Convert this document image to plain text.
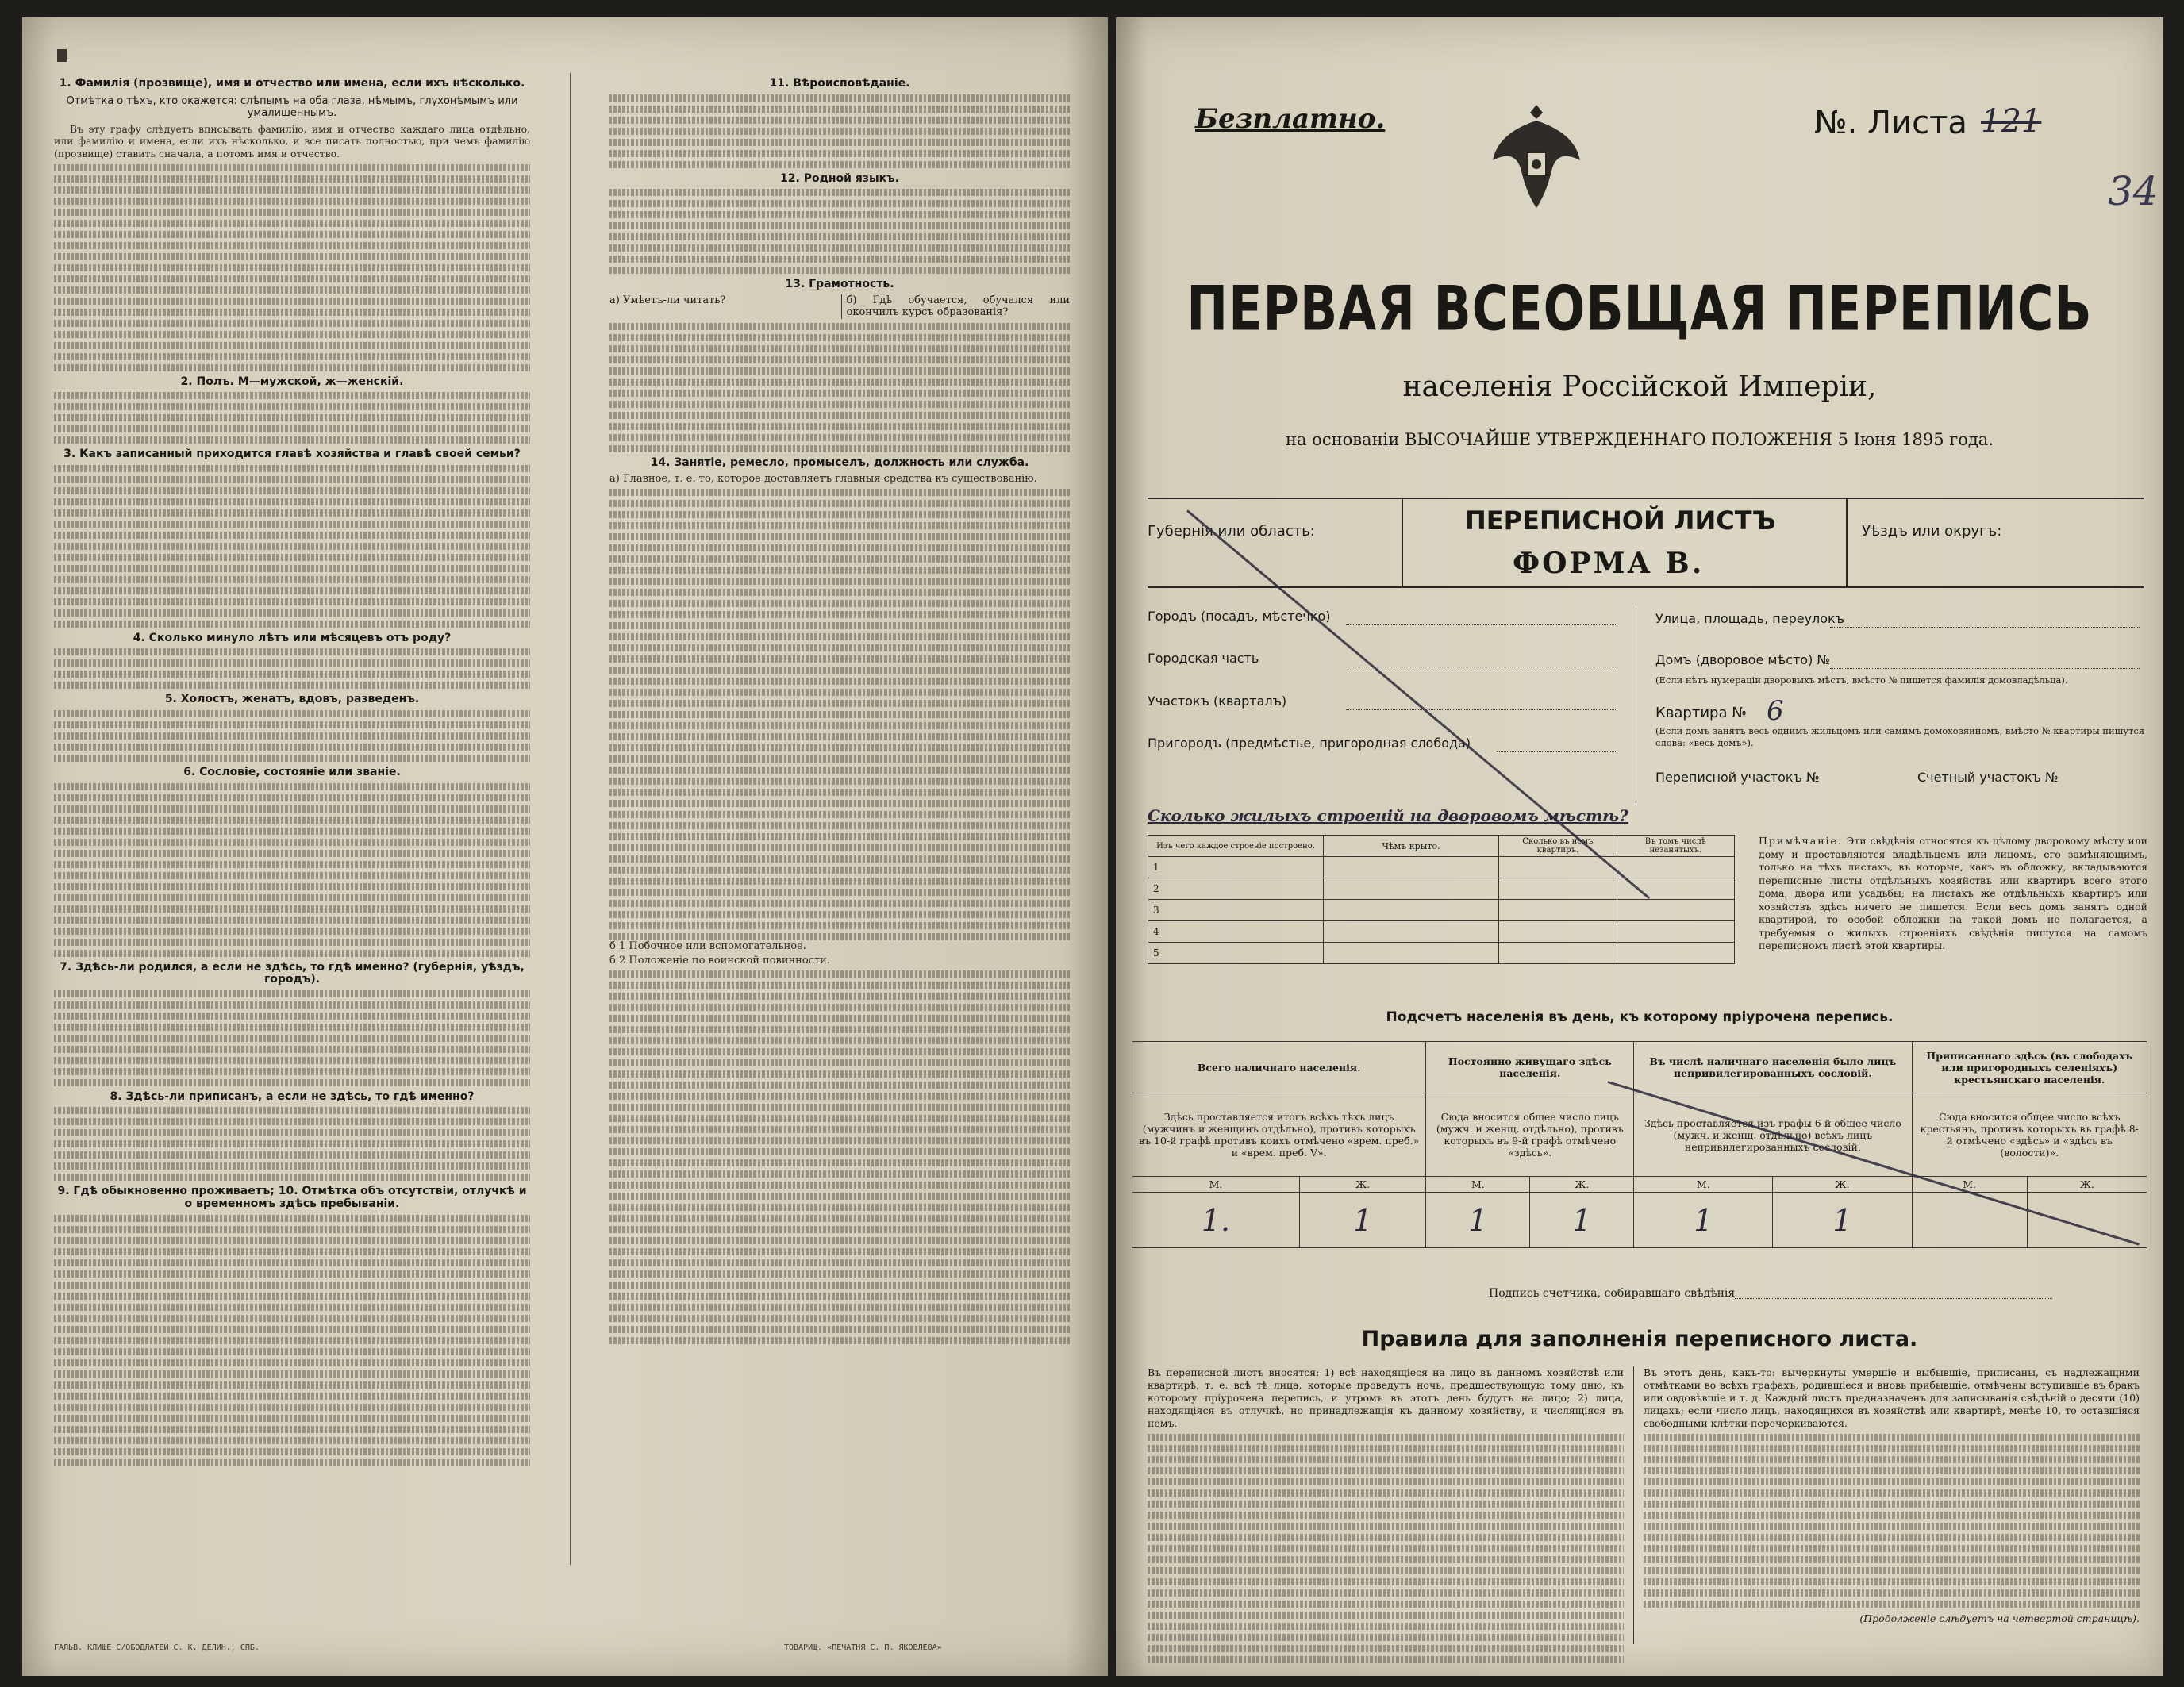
1. Фамилія (прозвище), имя и отчество или имена, если ихъ нѣсколько.
Отмѣтка о тѣхъ, кто окажется: слѣпымъ на оба глаза, нѣмымъ, глухонѣмымъ или умалишеннымъ.

Въ эту графу слѣдуетъ вписывать фамилію, имя и отчество каждаго лица отдѣльно, или фамилію и имена, если ихъ нѣсколько, и все писать полностью, при чемъ фамилію (прозвище) ставить сначала, а потомъ имя и отчество.

2. Полъ. М—мужской, ж—женскій.
3. Какъ записанный приходится главѣ хозяйства и главѣ своей семьи?
4. Сколько минуло лѣтъ или мѣсяцевъ отъ роду?
5. Холостъ, женатъ, вдовъ, разведенъ.
6. Сословіе, состояніе или званіе.
7. Здѣсь-ли родился, а если не здѣсь, то гдѣ именно? (губернія, уѣздъ, городъ).
8. Здѣсь-ли приписанъ, а если не здѣсь, то гдѣ именно?
9. Гдѣ обыкновенно проживаетъ; 10. Отмѣтка объ отсутствіи, отлучкѣ и о временномъ здѣсь пребываніи.
11. Вѣроисповѣданіе.
12. Родной языкъ.
13. Грамотность.
а) Умѣетъ-ли читать?	б) Гдѣ обучается, обучался или окончилъ курсъ образованія?
14. Занятіе, ремесло, промыселъ, должность или служба.

а) Главное, т. е. то, которое доставляетъ главныя средства къ существованію.

б 1 Побочное или вспомогательное.

б 2 Положеніе по воинской повинности.

ГАЛЬВ. КЛИШЕ С/ОБОДЛАТЕЙ С. К. ДЕЛИН., СПБ.	ТОВАРИЩ. «ПЕЧАТНЯ С. П. ЯКОВЛЕВА»
Безплатно.	№. Листа 121
34
ПЕРВАЯ ВСЕОБЩАЯ ПЕРЕПИСЬ
населенія Россійской Имперіи,
на основаніи ВЫСОЧАЙШЕ УТВЕРЖДЕННАГО ПОЛОЖЕНІЯ 5 Іюня 1895 года.
Губернія или область:	ПЕРЕПИСНОЙ ЛИСТЪ
ФОРМА В.
Уѣздъ или округъ:
Городъ (посадъ, мѣстечко)
Городская часть
Участокъ (кварталъ)
Пригородъ (предмѣстье, пригородная слобода)
Улица, площадь, переулокъ
Домъ (дворовое мѣсто) №
(Если нѣтъ нумераціи дворовыхъ мѣстъ, вмѣсто № пишется фамилія домовладѣльца).
Квартира № 6
(Если домъ занятъ весь однимъ жильцомъ или самимъ домохозяиномъ, вмѣсто № квартиры пишутся слова: «весь домъ»).
Переписной участокъ №	Счетный участокъ №
Сколько жилыхъ строеній на дворовомъ мѣстѣ?
Изъ чего каждое строеніе построено.	Чѣмъ крыто.	Сколько въ немъ квартиръ.	Въ томъ числѣ незанятыхъ.
1			
2			
3			
4			
5			
Примѣчаніе. Эти свѣдѣнія относятся къ цѣлому дворовому мѣсту или дому и проставляются владѣльцемъ или лицомъ, его замѣняющимъ, только на тѣхъ листахъ, въ которые, какъ въ обложку, вкладываются переписные листы отдѣльныхъ хозяйствъ или квартиръ всего этого дома, двора или усадьбы; на листахъ же отдѣльныхъ квартиръ или хозяйствъ здѣсь ничего не пишется. Если весь домъ занятъ одной квартирой, то особой обложки на такой домъ не полагается, а требуемыя о жилыхъ строеніяхъ свѣдѣнія пишутся на самомъ переписномъ листѣ этой квартиры.
Подсчетъ населенія въ день, къ которому пріурочена перепись.
Всего наличнаго населенія.		Постоянно живущаго здѣсь населенія.		Въ числѣ наличнаго населенія было лицъ непривилегированныхъ сословій.		Приписаннаго здѣсь (въ слободахъ или пригородныхъ селеніяхъ) крестьянскаго населенія.	
Здѣсь проставляется итогъ всѣхъ тѣхъ лицъ (мужчинъ и женщинъ отдѣльно), противъ которыхъ въ 10-й графѣ противъ коихъ отмѣчено «врем. преб.» и «врем. преб. V».		Сюда вносится общее число лицъ (мужч. и женщ. отдѣльно), противъ которыхъ въ 9-й графѣ отмѣчено «здѣсь».		Здѣсь проставляется изъ графы 6-й общее число (мужч. и женщ. отдѣльно) всѣхъ лицъ непривилегированныхъ сословій.		Сюда вносится общее число всѣхъ крестьянъ, противъ которыхъ въ графѣ 8-й отмѣчено «здѣсь» и «здѣсь въ (волости)».	
М.	Ж.	М.	Ж.	М.	Ж.	М.	Ж.
1.	1	1	1	1	1		
Подпись счетчика, собиравшаго свѣдѣнія
Правила для заполненія переписного листа.
Въ переписной листъ вносятся: 1) всѣ находящіеся на лицо въ данномъ хозяйствѣ или квартирѣ, т. е. всѣ тѣ лица, которые проведутъ ночь, предшествующую тому дню, къ которому пріурочена перепись, и утромъ въ этотъ день будутъ на лицо; 2) лица, находящіяся въ отлучкѣ, но принадлежащія къ данному хозяйству, и числящіяся въ немъ.
Въ этотъ день, какъ-то: вычеркнуты умершіе и выбывшіе, приписаны, съ надлежащими отмѣтками во всѣхъ графахъ, родившіеся и вновь прибывшіе, отмѣчены вступившіе въ бракъ или овдовѣвшіе и т. д. Каждый листъ предназначенъ для записыванія свѣдѣній о десяти (10) лицахъ; если число лицъ, находящихся въ хозяйствѣ или квартирѣ, менѣе 10, то оставшіяся свободными клѣтки перечеркиваются.
(Продолженіе слѣдуетъ на четвертой страницѣ).
